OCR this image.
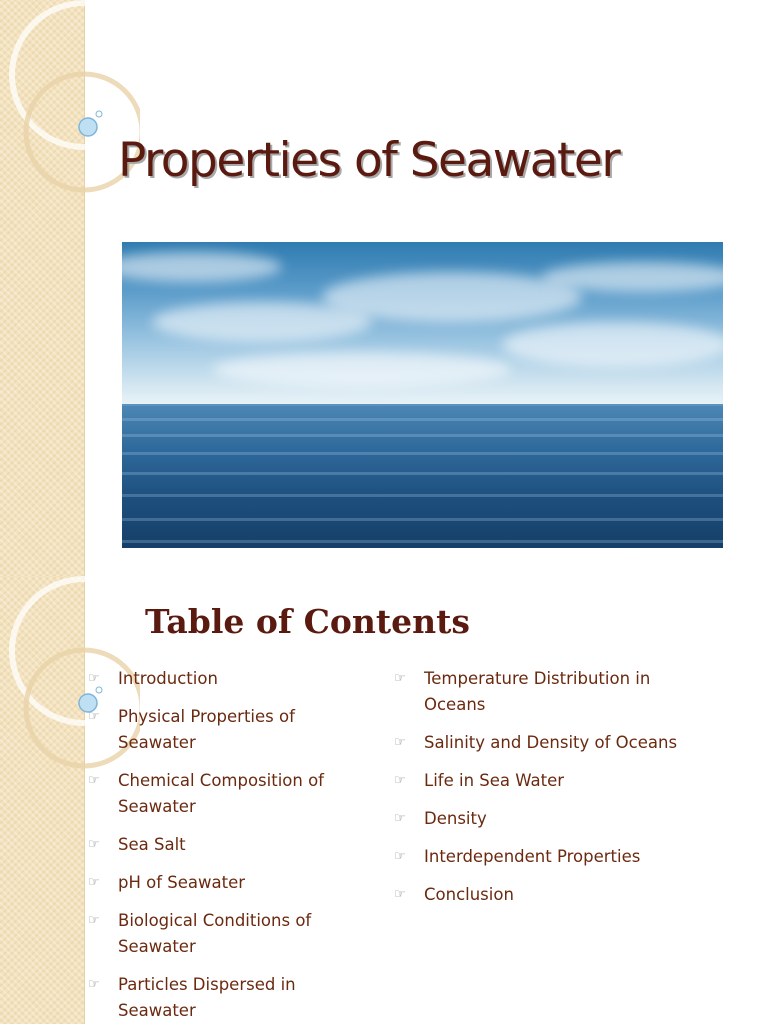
Properties of Seawater
Table of Contents
☞	Introduction
☞	Physical Properties of Seawater
☞	Chemical Composition of Seawater
☞	Sea Salt
☞	pH of Seawater
☞	Biological Conditions of Seawater
☞	Particles Dispersed in Seawater
☞	Temperature Distribution in Oceans
☞	Salinity and Density of Oceans
☞	Life in Sea Water
☞	Density
☞	Interdependent Properties
☞	Conclusion
